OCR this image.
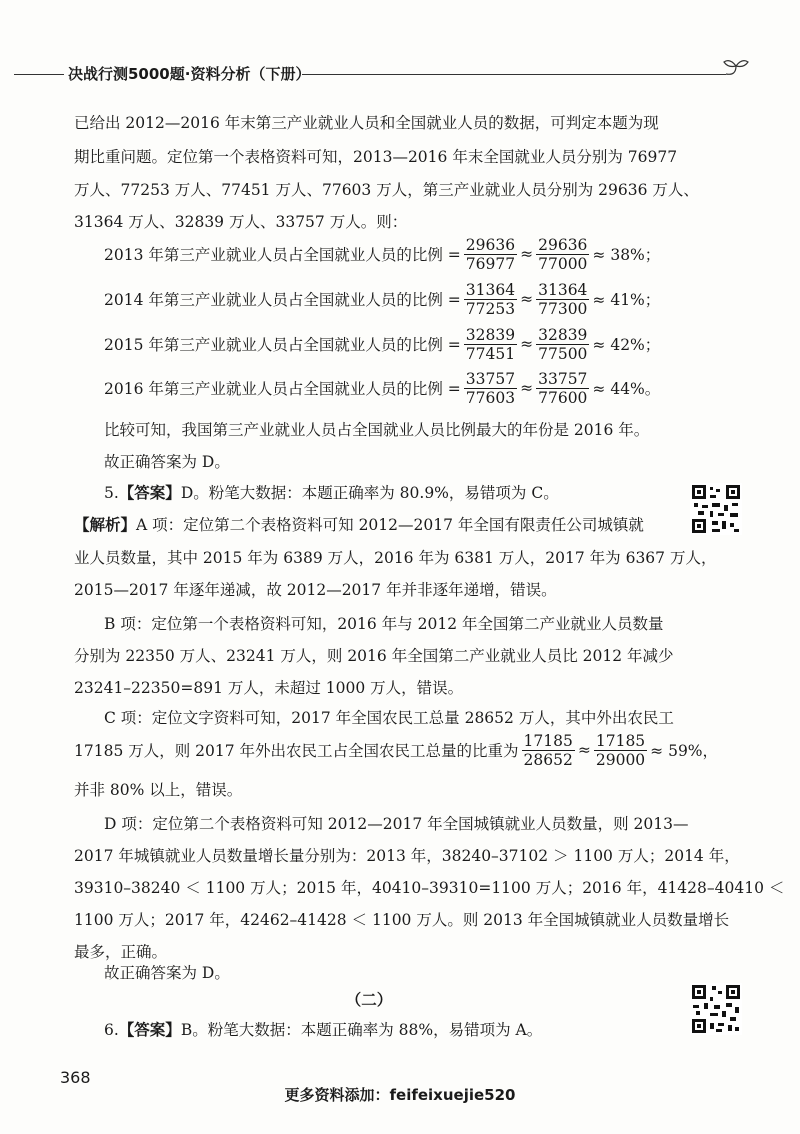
决战行测5000题·资料分析（下册）
已给出 2012—2016 年末第三产业就业人员和全国就业人员的数据，可判定本题为现
期比重问题。定位第一个表格资料可知，2013—2016 年末全国就业人员分别为 76977
万人、77253 万人、77451 万人、77603 万人，第三产业就业人员分别为 29636 万人、
31364 万人、32839 万人、33757 万人。则：
2013 年第三产业就业人员占全国就业人员的比例 = $\frac{29636}{76977} \approx \frac{29636}{77000} \approx 38\%$；
2014 年第三产业就业人员占全国就业人员的比例 = $\frac{31364}{77253} \approx \frac{31364}{77300} \approx 41\%$；
2015 年第三产业就业人员占全国就业人员的比例 = $\frac{32839}{77451} \approx \frac{32839}{77500} \approx 42\%$；
2016 年第三产业就业人员占全国就业人员的比例 = $\frac{33757}{77603} \approx \frac{33757}{77600} \approx 44\%$。
比较可知，我国第三产业就业人员占全国就业人员比例最大的年份是 2016 年。
故正确答案为 D。
5.【答案】D。粉笔大数据：本题正确率为 80.9%，易错项为 C。
【解析】A 项：定位第二个表格资料可知 2012—2017 年全国有限责任公司城镇就
业人员数量，其中 2015 年为 6389 万人，2016 年为 6381 万人，2017 年为 6367 万人，
2015—2017 年逐年递减，故 2012—2017 年并非逐年递增，错误。
B 项：定位第一个表格资料可知，2016 年与 2012 年全国第二产业就业人员数量
分别为 22350 万人、23241 万人，则 2016 年全国第二产业就业人员比 2012 年减少
23241–22350=891 万人，未超过 1000 万人，错误。
C 项：定位文字资料可知，2017 年全国农民工总量 28652 万人，其中外出农民工
17185 万人，则 2017 年外出农民工占全国农民工总量的比重为 $\frac{17185}{28652} \approx \frac{17185}{29000} \approx 59\%$，
并非 80% 以上，错误。
D 项：定位第二个表格资料可知 2012—2017 年全国城镇就业人员数量，则 2013—
2017 年城镇就业人员数量增长量分别为：2013 年，38240–37102 ＞ 1100 万人；2014 年，
39310–38240 ＜ 1100 万人；2015 年，40410–39310=1100 万人；2016 年，41428–40410 ＜
1100 万人；2017 年，42462–41428 ＜ 1100 万人。则 2013 年全国城镇就业人员数量增长
最多，正确。
故正确答案为 D。
（二）
6.【答案】B。粉笔大数据：本题正确率为 88%，易错项为 A。
368
更多资料添加：feifeixuejie520
